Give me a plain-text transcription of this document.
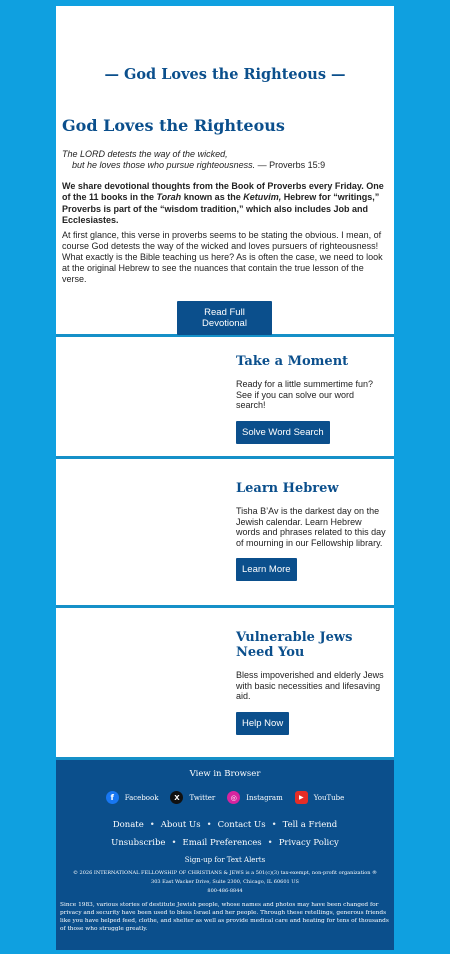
— God Loves the Righteous —
God Loves the Righteous
The LORD detests the way of the wicked,
but he loves those who pursue righteousness. — Proverbs 15:9
We share devotional thoughts from the Book of Proverbs every Friday. One of the 11 books in the Torah known as the Ketuvim, Hebrew for “writings,” Proverbs is part of the “wisdom tradition,” which also includes Job and Ecclesiastes.
At first glance, this verse in proverbs seems to be stating the obvious. I mean, of course God detests the way of the wicked and loves pursuers of righteousness! What exactly is the Bible teaching us here? As is often the case, we need to look at the original Hebrew to see the nuances that contain the true lesson of the verse.
Read Full Devotional
Take a Moment

Ready for a little summertime fun? See if you can solve our word search!

Solve Word Search
Learn Hebrew

Tisha B’Av is the darkest day on the Jewish calendar. Learn Hebrew words and phrases related to this day of mourning in our Fellowship library.

Learn More
Vulnerable Jews Need You

Bless impoverished and elderly Jews with basic necessities and lifesaving aid.

Help Now
View in Browser
f	Facebook	X	Twitter	◎	Instagram	▶	YouTube
Donate • About Us • Contact Us • Tell a Friend
Unsubscribe • Email Preferences • Privacy Policy
Sign-up for Text Alerts
© 2026 INTERNATIONAL FELLOWSHIP OF CHRISTIANS & JEWS is a 501(c)(3) tax-exempt, non-profit organization ®
303 East Wacker Drive, Suite 2300, Chicago, IL 60601 US
800-486-8844
Since 1983, various stories of destitute Jewish people, whose names and photos may have been changed for privacy and security have been used to bless Israel and her people. Through these retellings, generous friends like you have helped feed, clothe, and shelter as well as provide medical care and heating for tens of thousands of those who struggle greatly.
